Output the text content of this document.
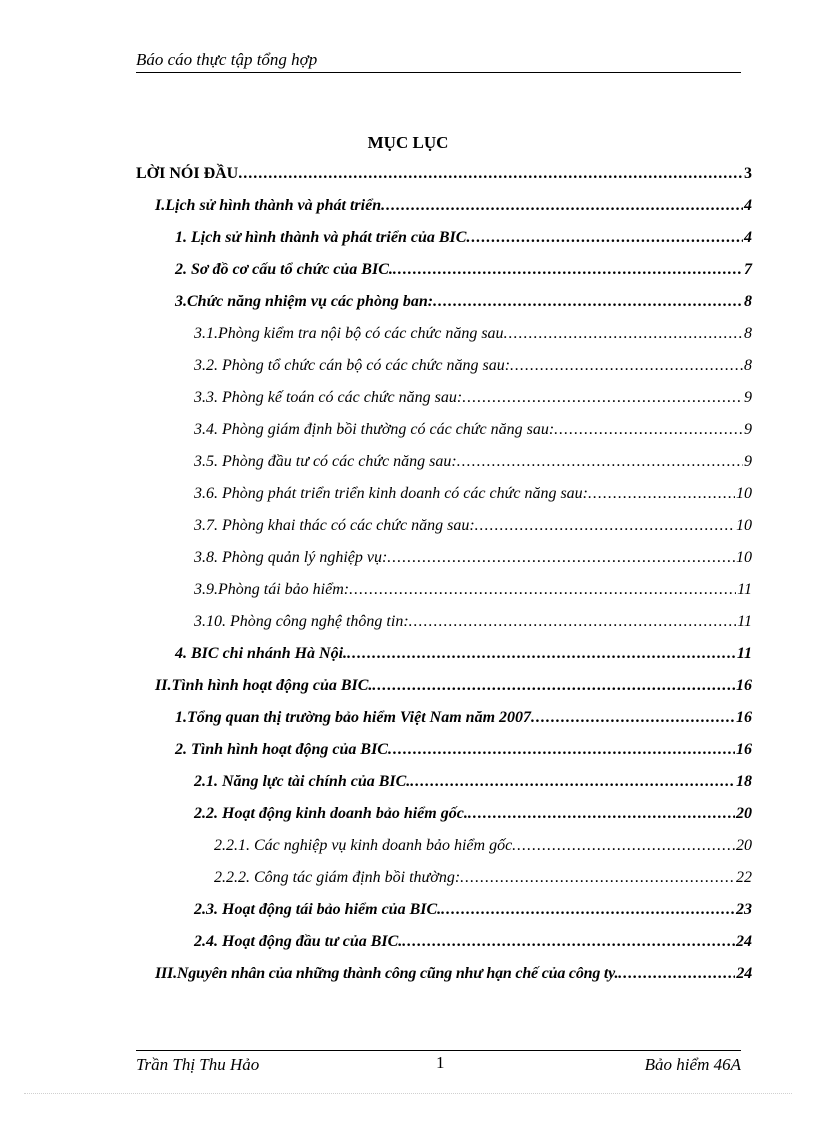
Báo cáo thực tập tổng hợp
MỤC LỤC
LỜI NÓI ĐẦU .....	3
I.Lịch sử hình thành và phát triển .....	4
1. Lịch sử hình thành và phát triển của BIC .....	4
2. Sơ đồ cơ cấu tổ chức của BIC. .....	7
3.Chức năng nhiệm vụ các phòng ban: .....	8
3.1.Phòng kiểm tra nội bộ có các chức năng sau .....	8
3.2. Phòng tổ chức cán bộ có các chức năng sau: .....	8
3.3. Phòng kế toán có các chức năng sau: .....	9
3.4. Phòng giám định bồi thường có các chức năng sau: .....	9
3.5. Phòng đầu tư có các chức năng sau: .....	9
3.6. Phòng phát triển triển kinh doanh có các chức năng sau: .....	10
3.7. Phòng khai thác có các chức năng sau: .....	10
3.8. Phòng quản lý nghiệp vụ: .....	10
3.9.Phòng tái bảo hiểm: .....	11
3.10. Phòng công nghệ thông tin: .....	11
4. BIC chi nhánh Hà Nội. .....	11
II.Tình hình hoạt động của BIC. .....	16
1.Tổng quan thị trường bảo hiểm Việt Nam năm 2007 .....	16
2. Tình hình hoạt động của BIC .....	16
2.1. Năng lực tài chính của BIC. .....	18
2.2. Hoạt động kinh doanh bảo hiểm gốc. .....	20
2.2.1. Các nghiệp vụ kinh doanh bảo hiểm gốc .....	20
2.2.2. Công tác giám định bồi thường: .....	22
2.3. Hoạt động tái bảo hiểm của BIC. .....	23
2.4. Hoạt động đầu tư của BIC. .....	24
III.Nguyên nhân của những thành công cũng như hạn chế của công ty. .....	24
Trần Thị Thu Hảo	1	Bảo hiểm 46A
